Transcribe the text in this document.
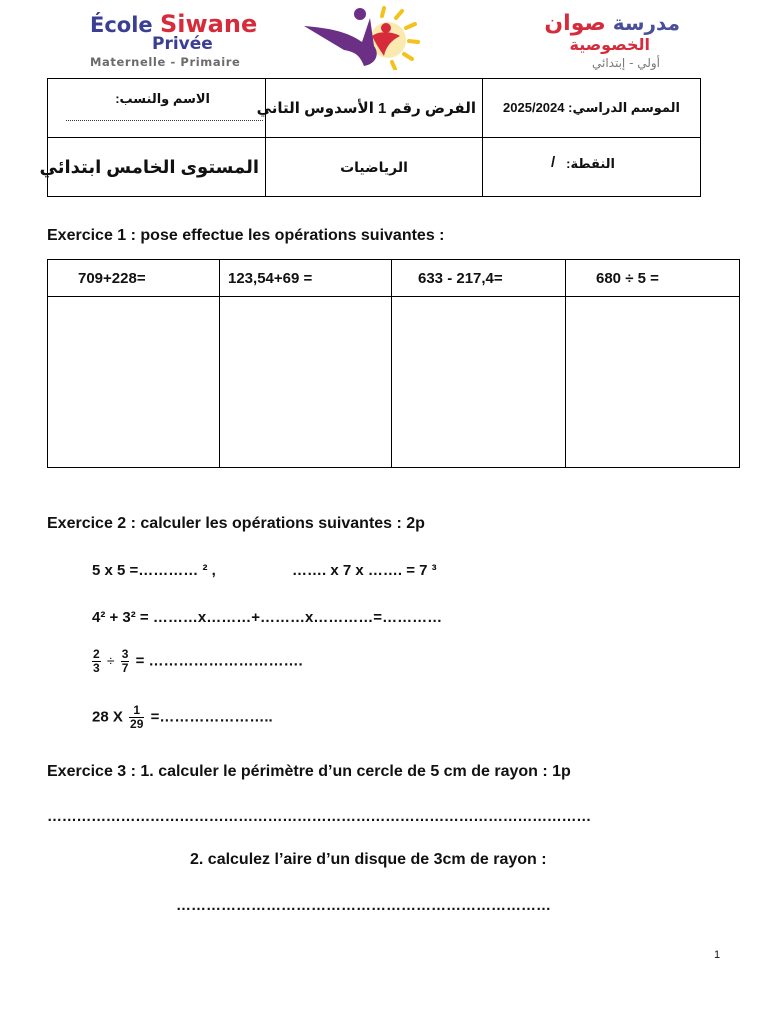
École Siwane
Privée
Maternelle - Primaire
مدرسة صوان
الخصوصية
أولي - إبتدائي
الاسم والنسب:	الفرض رقم 1 الأسدوس التاني	الموسم الدراسي: 2025/2024
المستوى الخامس ابتدائي	الرياضيات	النقطة:
/
Exercice 1 : pose effectue les opérations suivantes :
709+228=	123,54+69 =	633 - 217,4=	680 ÷ 5 =

Exercice 2 : calculer les opérations suivantes : 2p
5 x 5 =………… ² ,	……. x 7 x ……. = 7 ³
4² + 3² = ………x………+………x…………=…………
$\frac{2}{3} \div \frac{3}{7}$ = ………………………….
28 X $\frac{1}{29}$ =…………………..
Exercice 3 : 1. calculer le périmètre d’un cercle de 5 cm de rayon : 1p
…………………………………………………………………………………………………
2. calculez l’aire d’un disque de 3cm de rayon :
…………………………………………………………………
1
